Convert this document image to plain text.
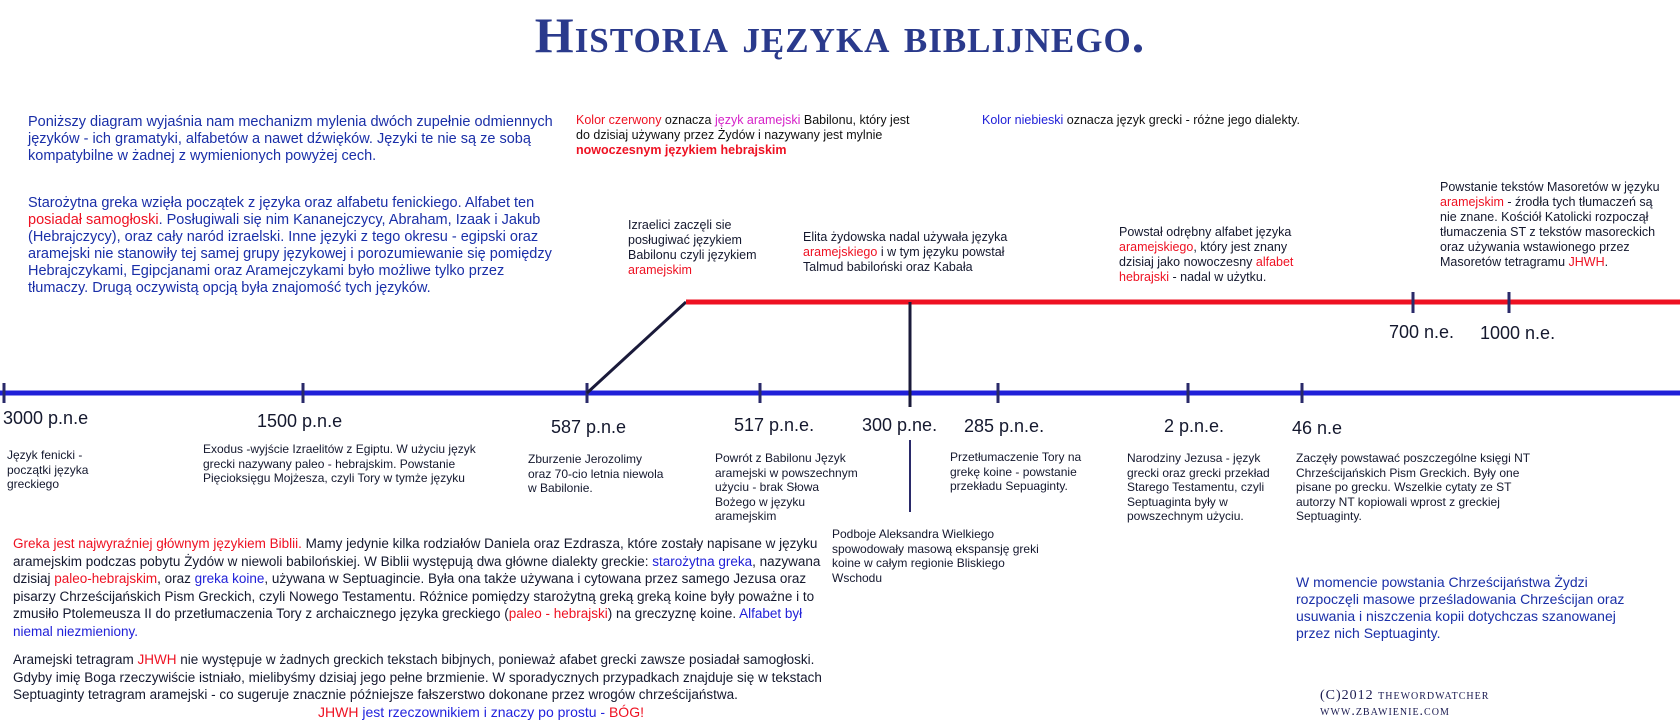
Historia języka biblijnego.
Poniższy diagram wyjaśnia nam mechanizm mylenia dwóch zupełnie odmiennych języków - ich gramatyki, alfabetów a nawet dźwięków. Języki te nie są ze sobą kompatybilne w żadnej z wymienionych powyżej cech.
Starożytna greka wzięła początek z języka oraz alfabetu fenickiego. Alfabet ten posiadał samogłoski. Posługiwali się nim Kananejczycy, Abraham, Izaak i Jakub (Hebrajczycy), oraz cały naród izraelski. Inne języki z tego okresu - egipski oraz aramejski nie stanowiły tej samej grupy językowej i porozumiewanie się pomiędzy Hebrajczykami, Egipcjanami oraz Aramejczykami było możliwe tylko przez tłumaczy. Drugą oczywistą opcją była znajomość tych języków.
Kolor czerwony oznacza język aramejski Babilonu, który jest do dzisiaj używany przez Żydów i nazywany jest mylnie nowoczesnym językiem hebrajskim
Kolor niebieski oznacza język grecki - różne jego dialekty.
Izraelici zaczęli sie posługiwać językiem Babilonu czyli językiem aramejskim
Elita żydowska nadal używała języka aramejskiego i w tym języku powstał Talmud babiloński oraz Kabała
Powstał odrębny alfabet języka aramejskiego, który jest znany dzisiaj jako nowoczesny alfabet hebrajski - nadal w użytku.
Powstanie tekstów Masoretów w języku aramejskim - źrodła tych tłumaczeń są nie znane. Kościół Katolicki rozpoczął tłumaczenia ST z tekstów masoreckich oraz używania wstawionego przez Masoretów tetragramu JHWH.
700 n.e. 1000 n.e.
3000 p.n.e	1500 p.n.e	587 p.n.e	517 p.n.e.	300 p.ne. 285 p.n.e.	2 p.n.e.	46 n.e
Język fenicki - początki języka greckiego
Exodus -wyjście Izraelitów z Egiptu. W użyciu język grecki nazywany paleo - hebrajskim. Powstanie Pięcioksięgu Mojżesza, czyli Tory w tymże języku
Zburzenie Jerozolimy oraz 70-cio letnia niewola w Babilonie.
Powrót z Babilonu Język aramejski w powszechnym użyciu - brak Słowa Bożego w języku aramejskim
Podboje Aleksandra Wielkiego spowodowały masową ekspansję greki koine w całym regionie Bliskiego Wschodu
Przetłumaczenie Tory na grekę koine - powstanie przekładu Sepuaginty.
Narodziny Jezusa - język grecki oraz grecki przekład Starego Testamentu, czyli Septuaginta były w powszechnym użyciu.
Zaczęły powstawać poszczególne księgi NT Chrześcijańskich Pism Greckich. Były one pisane po grecku. Wszelkie cytaty ze ST autorzy NT kopiowali wprost z greckiej Septuaginty.
W momencie powstania Chrześcijaństwa Żydzi rozpoczęli masowe prześladowania Chrześcijan oraz usuwania i niszczenia kopii dotychczas szanowanej przez nich Septuaginty.
Greka jest najwyraźniej głównym językiem Biblii. Mamy jedynie kilka rodziałów Daniela oraz Ezdrasza, które zostały napisane w języku aramejskim podczas pobytu Żydów w niewoli babilońskiej. W Biblii występują dwa główne dialekty greckie: starożytna greka, nazywana dzisiaj paleo-hebrajskim, oraz greka koine, używana w Septuagincie. Była ona także używana i cytowana przez samego Jezusa oraz pisarzy Chrześcijańskich Pism Greckich, czyli Nowego Testamentu. Różnice pomiędzy starożytną greką greką koine były poważne i to zmusiło Ptolemeusza II do przetłumaczenia Tory z archaicznego języka greckiego (paleo - hebrajski) na greczyznę koine. Alfabet był niemal niezmieniony.
Aramejski tetragram JHWH nie występuje w żadnych greckich tekstach bibjnych, ponieważ afabet grecki zawsze posiadał samogłoski. Gdyby imię Boga rzeczywiście istniało, mielibyśmy dzisiaj jego pełne brzmienie. W sporadycznych przypadkach znajduje się w tekstach Septuaginty tetragram aramejski - co sugeruje znacznie późniejsze fałszerstwo dokonane przez wrogów chrześcijaństwa.
JHWH jest rzeczownikiem i znaczy po prostu - BÓG!
(C)2012 thewordwatcher
www.zbawienie.com
